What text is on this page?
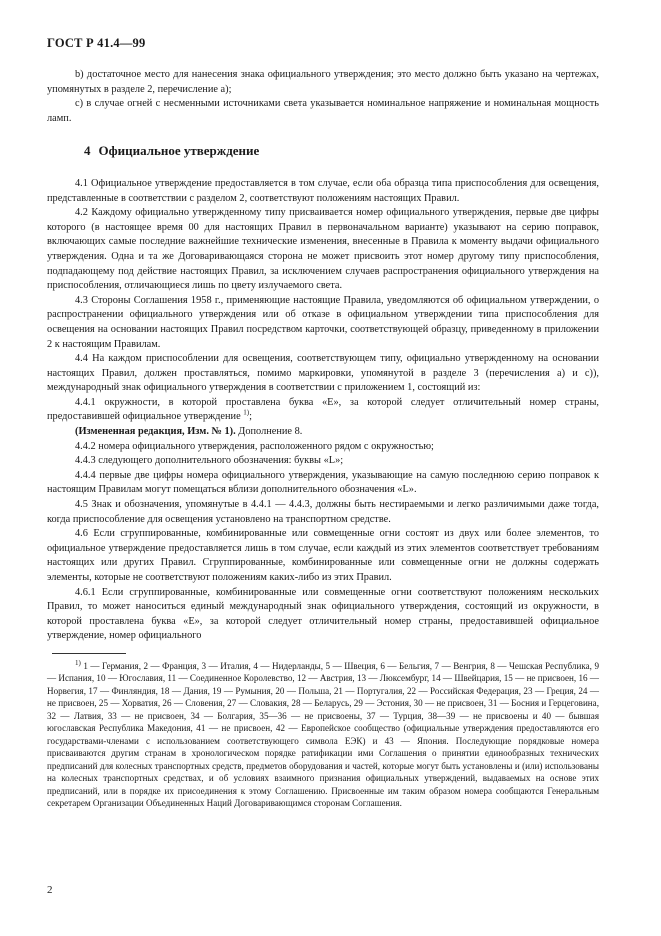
ГОСТ Р 41.4—99

b) достаточное место для нанесения знака официального утверждения; это место должно быть указано на чертежах, упомянутых в разделе 2, перечисление a);

c) в случае огней с несменными источниками света указывается номинальное напряжение и номинальная мощность ламп.

4 Официальное утверждение

4.1 Официальное утверждение предоставляется в том случае, если оба образца типа приспособления для освещения, представленные в соответствии с разделом 2, соответствуют положениям настоящих Правил.

4.2 Каждому официально утвержденному типу присваивается номер официального утверждения, первые две цифры которого (в настоящее время 00 для настоящих Правил в первоначальном варианте) указывают на серию поправок, включающих самые последние важнейшие технические изменения, внесенные в Правила к моменту выдачи официального утверждения. Одна и та же Договаривающаяся сторона не может присвоить этот номер другому типу приспособления, подпадающему под действие настоящих Правил, за исключением случаев распространения официального утверждения на приспособления, отличающиеся лишь по цвету излучаемого света.

4.3 Стороны Соглашения 1958 г., применяющие настоящие Правила, уведомляются об официальном утверждении, о распространении официального утверждения или об отказе в официальном утверждении типа приспособления для освещения на основании настоящих Правил посредством карточки, соответствующей образцу, приведенному в приложении 2 к настоящим Правилам.

4.4 На каждом приспособлении для освещения, соответствующем типу, официально утвержденному на основании настоящих Правил, должен проставляться, помимо маркировки, упомянутой в разделе 3 (перечисления a) и c)), международный знак официального утверждения в соответствии с приложением 1, состоящий из:

4.4.1 окружности, в которой проставлена буква «E», за которой следует отличительный номер страны, предоставившей официальное утверждение $^{1)}$;

(Измененная редакция, Изм. № 1). Дополнение 8.

4.4.2 номера официального утверждения, расположенного рядом с окружностью;

4.4.3 следующего дополнительного обозначения: буквы «L»;

4.4.4 первые две цифры номера официального утверждения, указывающие на самую последнюю серию поправок к настоящим Правилам могут помещаться вблизи дополнительного обозначения «L».

4.5 Знак и обозначения, упомянутые в 4.4.1 — 4.4.3, должны быть нестираемыми и легко различимыми даже тогда, когда приспособление для освещения установлено на транспортном средстве.

4.6 Если сгруппированные, комбинированные или совмещенные огни состоят из двух или более элементов, то официальное утверждение предоставляется лишь в том случае, если каждый из этих элементов соответствует требованиям настоящих или других Правил. Сгруппированные, комбинированные или совмещенные огни не должны содержать элементы, которые не соответствуют положениям каких-либо из этих Правил.

4.6.1 Если сгруппированные, комбинированные или совмещенные огни соответствуют положениям нескольких Правил, то может наноситься единый международный знак официального утверждения, состоящий из окружности, в которой проставлена буква «E», за которой следует отличительный номер страны, предоставившей официальное утверждение, номер официального

$^{1)}$ 1 — Германия, 2 — Франция, 3 — Италия, 4 — Нидерланды, 5 — Швеция, 6 — Бельгия, 7 — Венгрия, 8 — Чешская Республика, 9 — Испания, 10 — Югославия, 11 — Соединенное Королевство, 12 — Австрия, 13 — Люксембург, 14 — Швейцария, 15 — не присвоен, 16 — Норвегия, 17 — Финляндия, 18 — Дания, 19 — Румыния, 20 — Польша, 21 — Португалия, 22 — Российская Федерация, 23 — Греция, 24 — не присвоен, 25 — Хорватия, 26 — Словения, 27 — Словакия, 28 — Беларусь, 29 — Эстония, 30 — не присвоен, 31 — Босния и Герцеговина, 32 — Латвия, 33 — не присвоен, 34 — Болгария, 35—36 — не присвоены, 37 — Турция, 38—39 — не присвоены и 40 — бывшая югославская Республика Македония, 41 — не присвоен, 42 — Европейское сообщество (официальные утверждения предоставляются его государствами-членами с использованием соответствующего символа ЕЭК) и 43 — Япония. Последующие порядковые номера присваиваются другим странам в хронологическом порядке ратификации ими Соглашения о принятии единообразных технических предписаний для колесных транспортных средств, предметов оборудования и частей, которые могут быть установлены и (или) использованы на колесных транспортных средствах, и об условиях взаимного признания официальных утверждений, выдаваемых на основе этих предписаний, или в порядке их присоединения к этому Соглашению. Присвоенные им таким образом номера сообщаются Генеральным секретарем Организации Объединенных Наций Договаривающимся сторонам Соглашения.

2
